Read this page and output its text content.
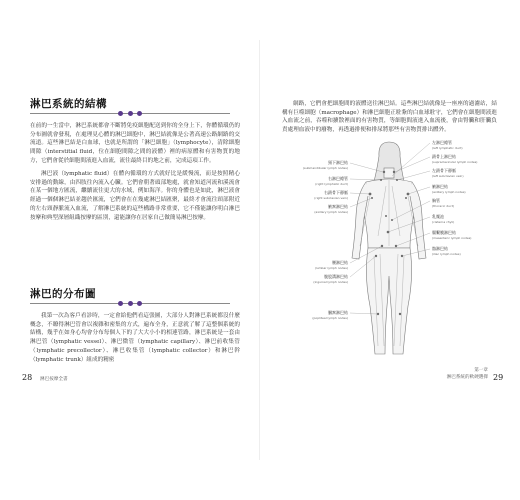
淋巴系統的結構
在前的一生當中，淋巴系統都會不斷將免疫細胞配送到你的全身上下，你體循環仍的分布圖就會發現，在處理見心體的淋巴細胞中，淋巴結就像是公著高速公路網路的交流道。這些淋巴結是白血球，也就是所謂的「淋巴細胞」（lymphocyte），清除細胞間隙（interstitial fluid，位在細胞間隙之間的液體）裡的病原體和有害物質的地方，它們會從於細胞間液進入血流，流往最終目的地之前，完成這項工作。
淋巴液（lymphatic fluid）在體內循環的方式就好比是緩慢流，而是按照精心安排過的動線，由四肢往內流入心臟。它們會朝著頭部地處，就會知道河流和溪流會在某一個地方匯流，繼續流往更大的水域，例如海洋。你的身體也是如此，淋巴液會經過一個個淋巴結並趨於匯流，它們會在在幾處淋巴結匯聚，最終才會流往頸部附近的左右頸靜脈流入血流，了解淋巴系統的這些構路非常重要，它不僅能讓你明白淋巴按摩和典型深層組織按摩的區別，還能讓你在居家自己做簡易淋巴按摩。
淋巴的分布圖
我第一次為客戶看診時，一定會給他們看這張圖，大部分人對淋巴系統都沒什麼概念，不瞭得淋巴管會以複雜和密集的方式，遍布全身，正意就了解了這整個系統的結構，幾乎在如身心均會分布每個人下的了大大小小的相連管路，淋巴系統是一套由淋巴管（lymphatic vessel）、淋巴微管（lymphatic capillary）、淋巴前收集管（lymphatic precollector）、淋巴收集管（lymphatic collector）和淋巴幹（lymphatic trunk）組成的精密
28 淋巴按摩全書
網路，它們會把細胞間的液體送往淋巴結。這些淋巴結就像是一座座的過濾站，結構有巨噬細胞（macrophage）和淋巴細胞正駐紮的白血球駐守，它們會在細胞間液進入血流之前，吞噬和擴散裡面的有害物質，等細胞間液進入血流後，會由腎臟和肝臟負責處理血液中的廢物，再透過排便和排尿將那些有害物質排出體外。
頸下淋巴結
(submandibular lymph nodes)
右淋巴總管
(right lymphatic duct)
右鎖骨下靜脈
(right subclavian vein)
腋窩淋巴結
(axillary lymph nodes)
腰淋巴結
(lumbar lymph nodes)
腹股溝淋巴結
(inguinal lymph nodes)
膕窩淋巴結
(popliteal lymph nodes)
左淋巴總管
(left lymphatic duct)
鎖骨上淋巴結
(supraclavicular lymph nodes)
左鎖骨下靜脈
(left subclavian vein)
腋淋巴結
(axillary lymph nodes)
胸管
(thoracic duct)
乳糜池
(cisterna chyli)
腸繫膜淋巴結
(mesenteric lymph nodes)
髂淋巴結
(iliac lymph nodes)
第一章
淋巴系統的軟硬選擇 29
